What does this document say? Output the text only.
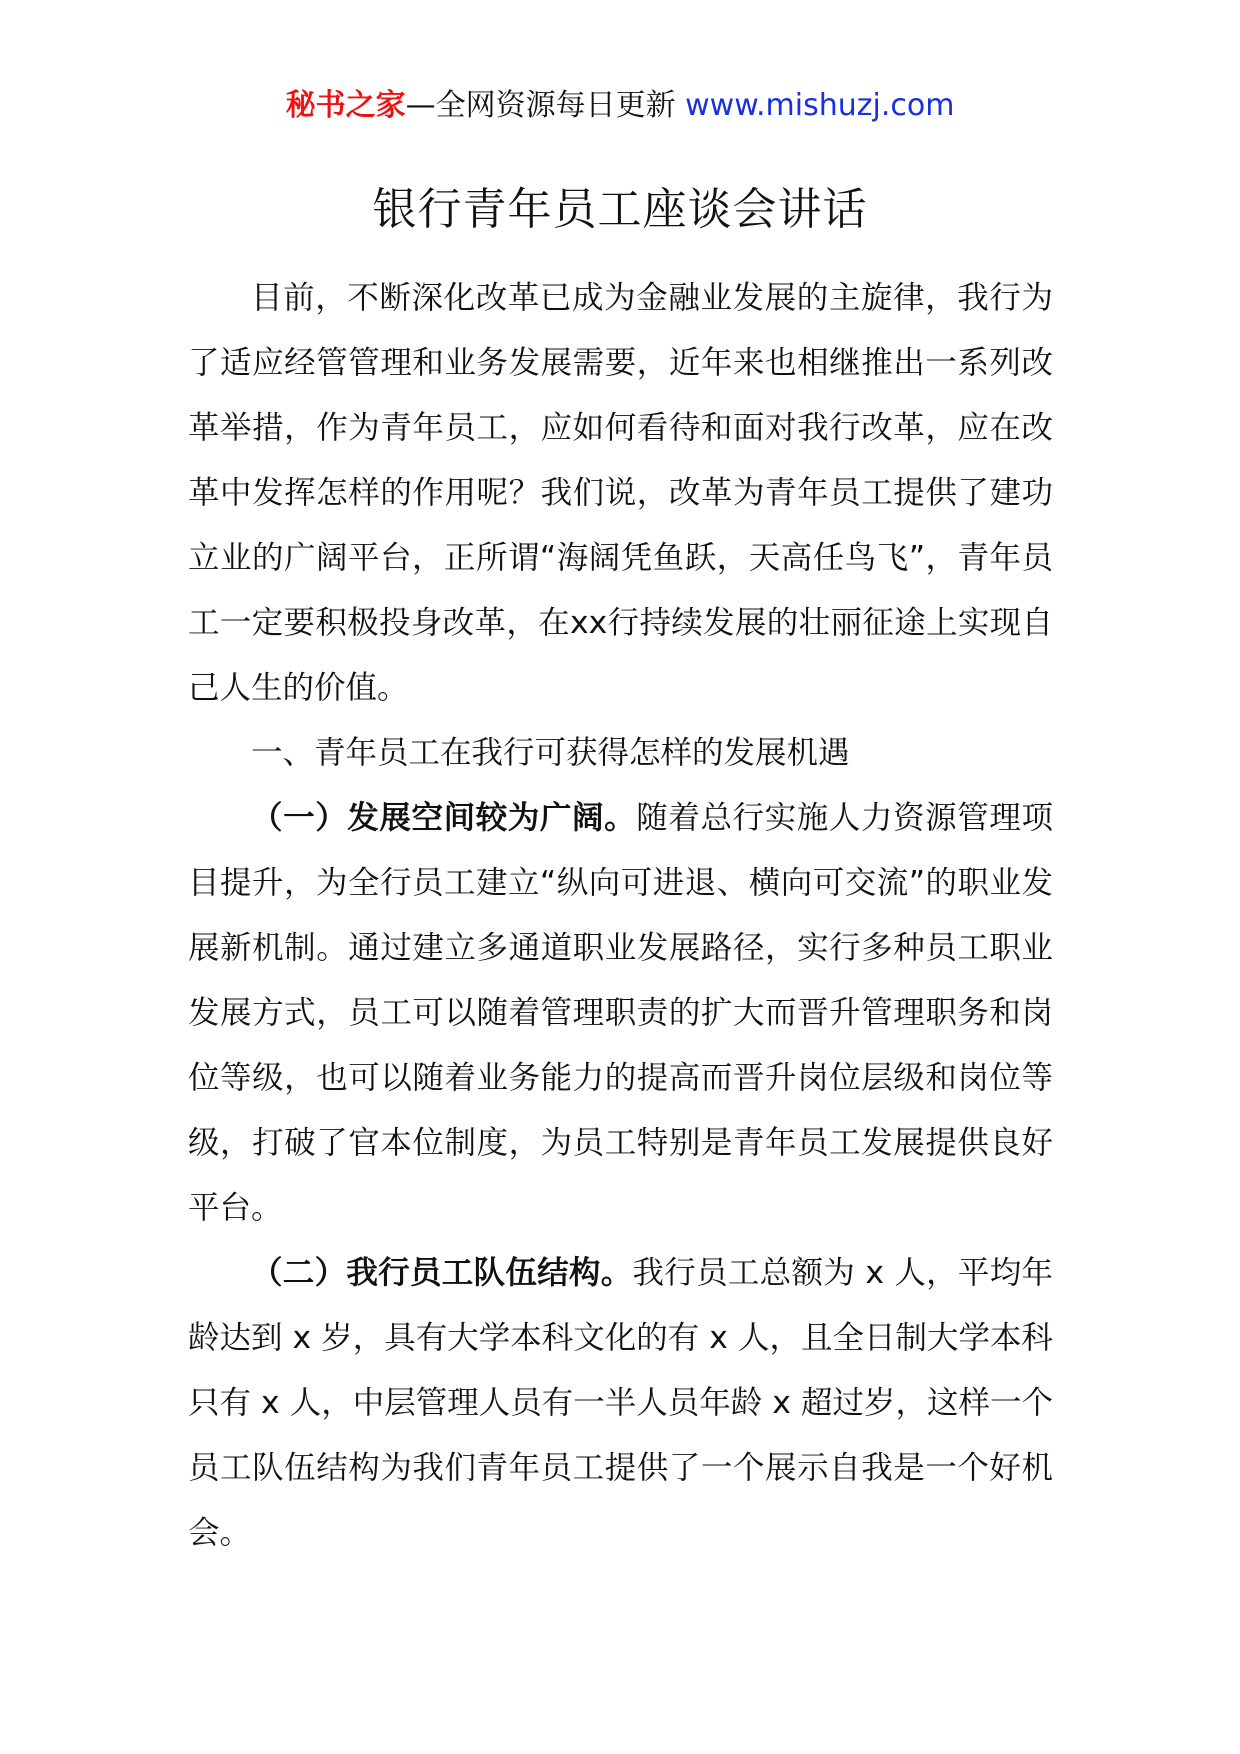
秘书之家—全网资源每日更新 www.mishuzj.com
银行青年员工座谈会讲话

目前，不断深化改革已成为金融业发展的主旋律，我行为了适应经管管理和业务发展需要，近年来也相继推出一系列改革举措，作为青年员工，应如何看待和面对我行改革，应在改革中发挥怎样的作用呢？我们说，改革为青年员工提供了建功立业的广阔平台，正所谓“海阔凭鱼跃，天高任鸟飞”，青年员工一定要积极投身改革，在xx行持续发展的壮丽征途上实现自己人生的价值。

一、青年员工在我行可获得怎样的发展机遇

（一）发展空间较为广阔。随着总行实施人力资源管理项目提升，为全行员工建立“纵向可进退、横向可交流”的职业发展新机制。通过建立多通道职业发展路径，实行多种员工职业发展方式，员工可以随着管理职责的扩大而晋升管理职务和岗位等级，也可以随着业务能力的提高而晋升岗位层级和岗位等级，打破了官本位制度，为员工特别是青年员工发展提供良好平台。

（二）我行员工队伍结构。我行员工总额为 x 人，平均年龄达到 x 岁，具有大学本科文化的有 x 人，且全日制大学本科只有 x 人，中层管理人员有一半人员年龄 x 超过岁，这样一个员工队伍结构为我们青年员工提供了一个展示自我是一个好机会。
